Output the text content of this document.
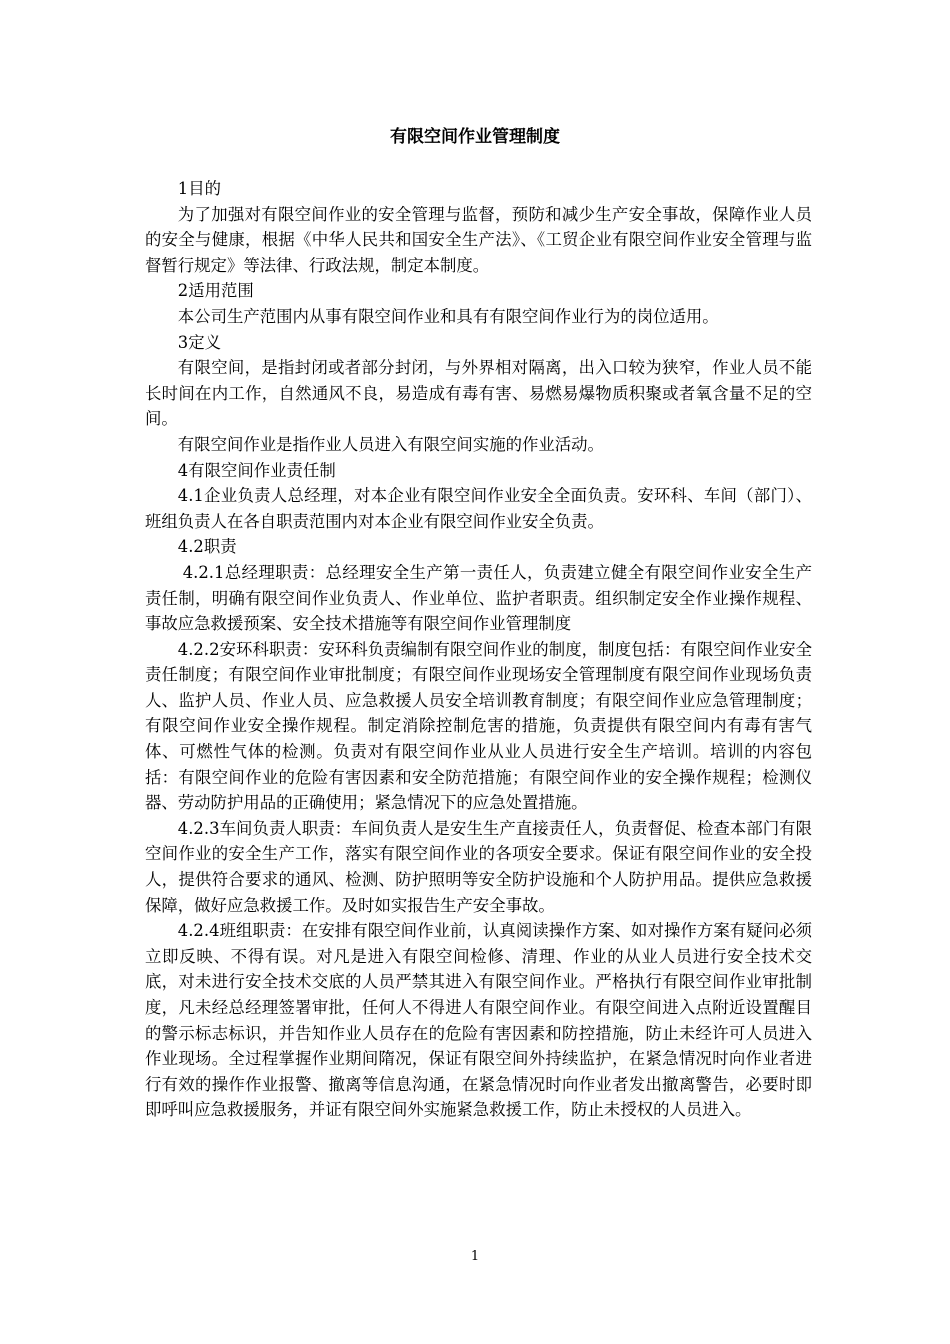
有限空间作业管理制度

1目的

为了加强对有限空间作业的安全管理与监督，预防和减少生产安全事故，保障作业人员的安全与健康，根据《中华人民共和国安全生产法》、《工贸企业有限空间作业安全管理与监督暂行规定》等法律、行政法规，制定本制度。

2适用范围

本公司生产范围内从事有限空间作业和具有有限空间作业行为的岗位适用。

3定义

有限空间，是指封闭或者部分封闭，与外界相对隔离，出入口较为狭窄，作业人员不能长时间在内工作，自然通风不良，易造成有毒有害、易燃易爆物质积聚或者氧含量不足的空间。

有限空间作业是指作业人员进入有限空间实施的作业活动。

4有限空间作业责任制

4.1企业负责人总经理，对本企业有限空间作业安全全面负责。安环科、车间（部门）、班组负责人在各自职责范围内对本企业有限空间作业安全负责。

4.2职责

4.2.1总经理职责：总经理安全生产第一责任人，负责建立健全有限空间作业安全生产责任制，明确有限空间作业负责人、作业单位、监护者职责。组织制定安全作业操作规程、事故应急救援预案、安全技术措施等有限空间作业管理制度

4.2.2安环科职责：安环科负责编制有限空间作业的制度，制度包括：有限空间作业安全责任制度；有限空间作业审批制度；有限空间作业现场安全管理制度有限空间作业现场负责人、监护人员、作业人员、应急救援人员安全培训教育制度；有限空间作业应急管理制度；有限空间作业安全操作规程。制定消除控制危害的措施，负责提供有限空间内有毒有害气体、可燃性气体的检测。负责对有限空间作业从业人员进行安全生产培训。培训的内容包括：有限空间作业的危险有害因素和安全防范措施；有限空间作业的安全操作规程；检测仪器、劳动防护用品的正确使用；紧急情况下的应急处置措施。

4.2.3车间负责人职责：车间负责人是安生生产直接责任人，负责督促、检查本部门有限空间作业的安全生产工作，落实有限空间作业的各项安全要求。保证有限空间作业的安全投人，提供符合要求的通风、检测、防护照明等安全防护设施和个人防护用品。提供应急救援保障，做好应急救援工作。及时如实报告生产安全事故。

4.2.4班组职责：在安排有限空间作业前，认真阅读操作方案、如对操作方案有疑问必须立即反映、不得有误。对凡是进入有限空间检修、清理、作业的从业人员进行安全技术交底，对未进行安全技术交底的人员严禁其进入有限空间作业。严格执行有限空间作业审批制度，凡未经总经理签署审批，任何人不得进人有限空间作业。有限空间进入点附近设置醒目的警示标志标识，并告知作业人员存在的危险有害因素和防控措施，防止未经许可人员进入作业现场。全过程掌握作业期间隋况，保证有限空间外持续监护，在紧急情况时向作业者进行有效的操作作业报警、撤离等信息沟通，在紧急情况时向作业者发出撤离警告，必要时即即呼叫应急救援服务，并证有限空间外实施紧急救援工作，防止未授权的人员进入。

1
